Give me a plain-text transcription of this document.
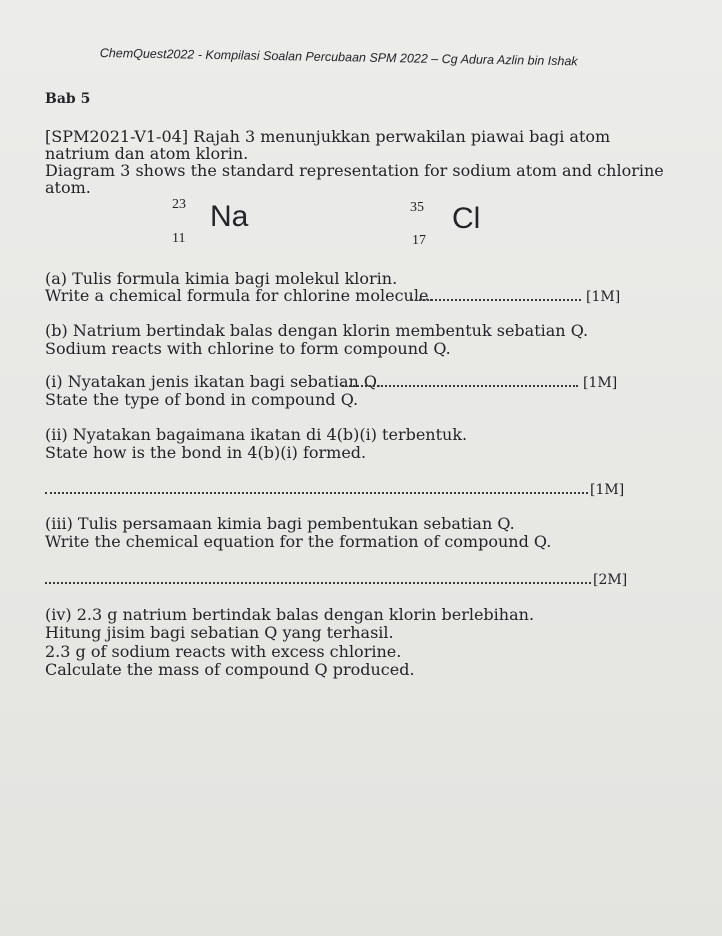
ChemQuest2022 - Kompilasi Soalan Percubaan SPM 2022 – Cg Adura Azlin bin Ishak
Bab 5
[SPM2021-V1-04] Rajah 3 menunjukkan perwakilan piawai bagi atom
natrium dan atom klorin.
Diagram 3 shows the standard representation for sodium atom and chlorine
atom.
23 Na
11
35 Cl
17
(a) Tulis formula kimia bagi molekul klorin.
Write a chemical formula for chlorine molecule.	[1M]
(b) Natrium bertindak balas dengan klorin membentuk sebatian Q.
Sodium reacts with chlorine to form compound Q.
(i) Nyatakan jenis ikatan bagi sebatian Q.
State the type of bond in compound Q.
[1M]
(ii) Nyatakan bagaimana ikatan di 4(b)(i) terbentuk.
State how is the bond in 4(b)(i) formed.
[1M]
(iii) Tulis persamaan kimia bagi pembentukan sebatian Q.
Write the chemical equation for the formation of compound Q.
[2M]
(iv) 2.3 g natrium bertindak balas dengan klorin berlebihan.
Hitung jisim bagi sebatian Q yang terhasil.
2.3 g of sodium reacts with excess chlorine.
Calculate the mass of compound Q produced.
